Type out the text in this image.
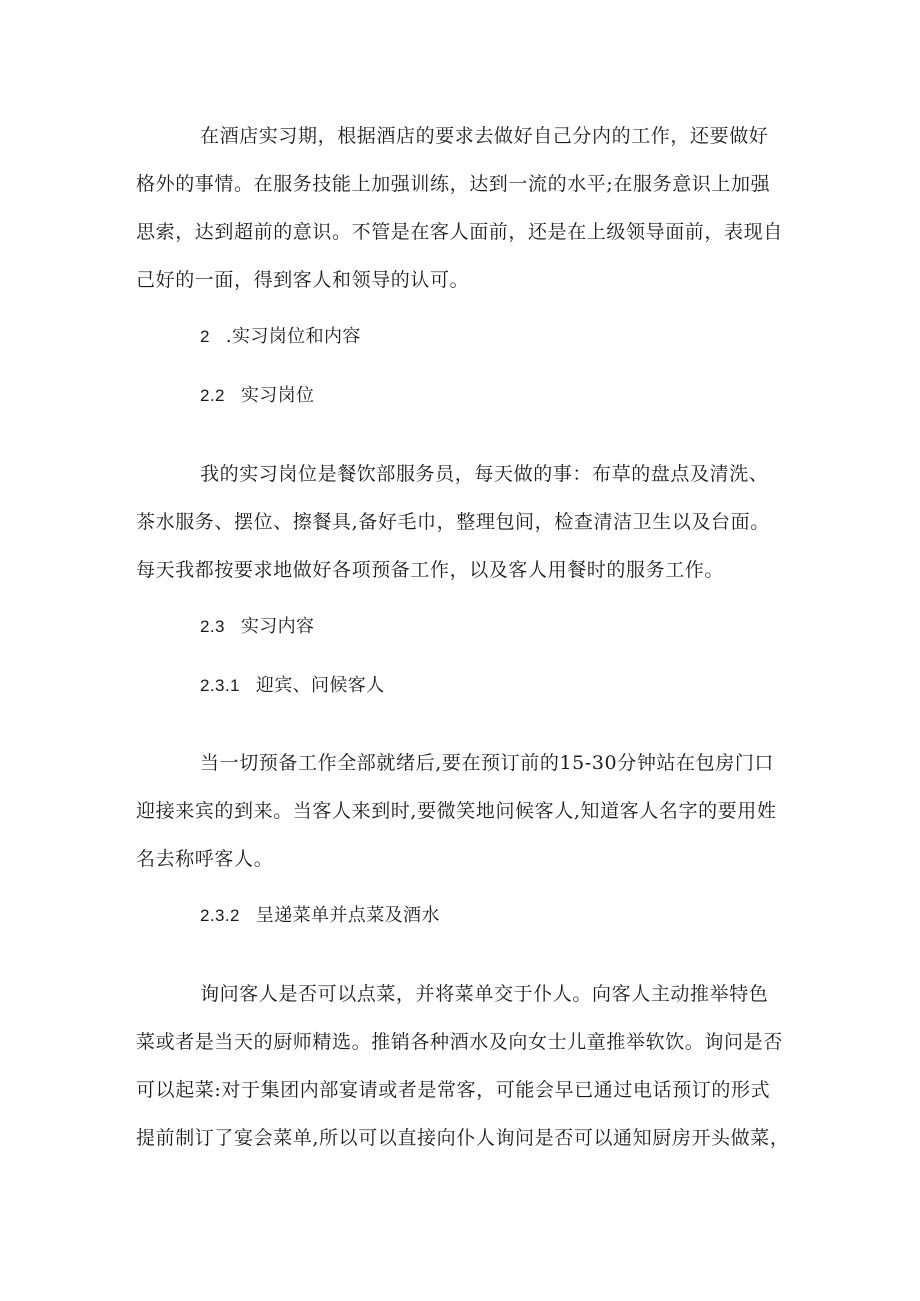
在酒店实习期，根据酒店的要求去做好自己分内的工作，还要做好
格外的事情。在服务技能上加强训练，达到一流的水平;在服务意识上加强
思索，达到超前的意识。不管是在客人面前，还是在上级领导面前，表现自
己好的一面，得到客人和领导的认可。
2 .实习岗位和内容
2.2 实习岗位
我的实习岗位是餐饮部服务员，每天做的事：布草的盘点及清洗、
茶水服务、摆位、擦餐具,备好毛巾，整理包间，检查清洁卫生以及台面。
每天我都按要求地做好各项预备工作，以及客人用餐时的服务工作。
2.3 实习内容
2.3.1 迎宾、问候客人
当一切预备工作全部就绪后,要在预订前的15-30分钟站在包房门口
迎接来宾的到来。当客人来到时,要微笑地问候客人,知道客人名字的要用姓
名去称呼客人。
2.3.2 呈递菜单并点菜及酒水
询问客人是否可以点菜，并将菜单交于仆人。向客人主动推举特色
菜或者是当天的厨师精选。推销各种酒水及向女士儿童推举软饮。询问是否
可以起菜:对于集团内部宴请或者是常客，可能会早已通过电话预订的形式
提前制订了宴会菜单,所以可以直接向仆人询问是否可以通知厨房开头做菜，
